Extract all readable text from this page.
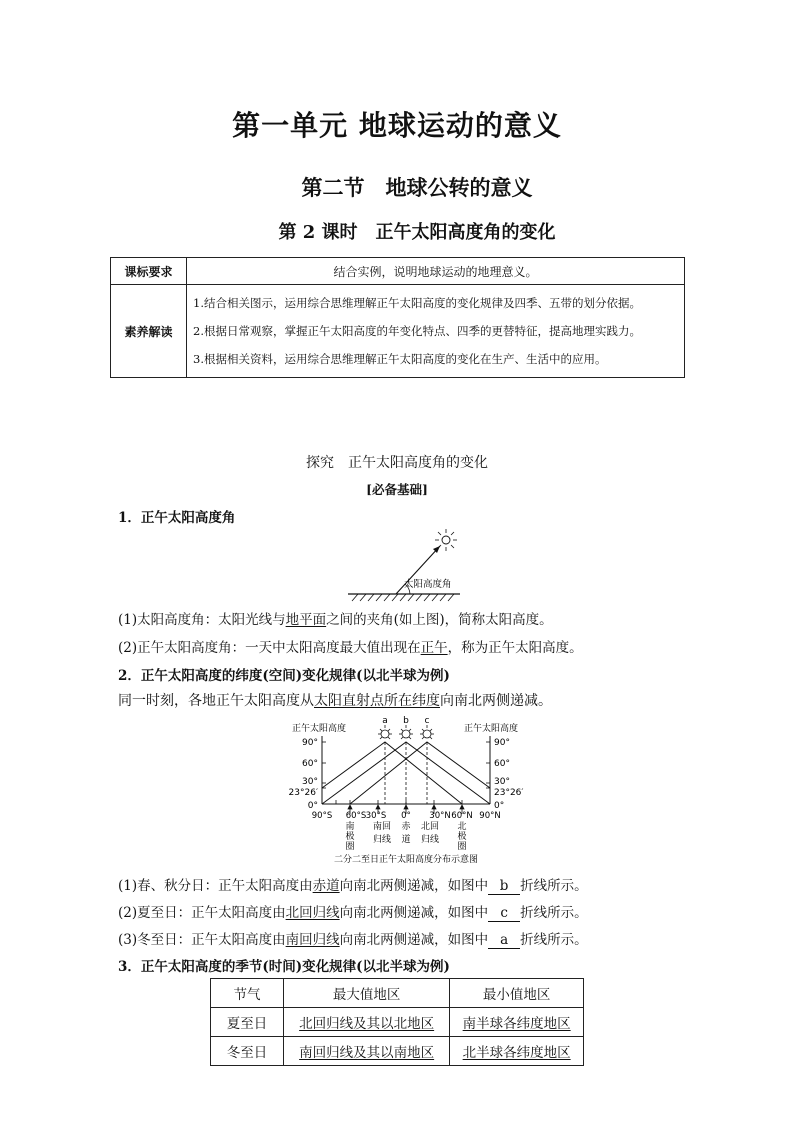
第一单元 地球运动的意义
第二节　地球公转的意义
第 2 课时　正午太阳高度角的变化
课标要求	结合实例，说明地球运动的地理意义。
素养解读	1.结合相关图示，运用综合思维理解正午太阳高度的变化规律及四季、五带的划分依据。
2.根据日常观察，掌握正午太阳高度的年变化特点、四季的更替特征，提高地理实践力。
3.根据相关资料，运用综合思维理解正午太阳高度的变化在生产、生活中的应用。
探究　正午太阳高度角的变化
[必备基础]
1．正午太阳高度角
太阳高度角
(1)太阳高度角：太阳光线与地平面之间的夹角(如上图)，简称太阳高度。
(2)正午太阳高度角：一天中太阳高度最大值出现在正午，称为正午太阳高度。
2．正午太阳高度的纬度(空间)变化规律(以北半球为例)
同一时刻，各地正午太阳高度从太阳直射点所在纬度向南北两侧递减。
正午太阳高度	正午太阳高度
90°
60°
30°
23°26′
0°
90°
60°
30°
23°26′
0°
a b c
90°S 60°S 30°S 0° 30°N 60°N 90°N
南
极
圈
南回
归线
赤
道
北回
归线
北
极
圈
二分二至日正午太阳高度分布示意图
(1)春、秋分日：正午太阳高度由赤道向南北两侧递减，如图中 b 折线所示。
(2)夏至日：正午太阳高度由北回归线向南北两侧递减，如图中 c 折线所示。
(3)冬至日：正午太阳高度由南回归线向南北两侧递减，如图中 a 折线所示。
3．正午太阳高度的季节(时间)变化规律(以北半球为例)
节气	最大值地区	最小值地区
夏至日	北回归线及其以北地区	南半球各纬度地区
冬至日	南回归线及其以南地区	北半球各纬度地区
